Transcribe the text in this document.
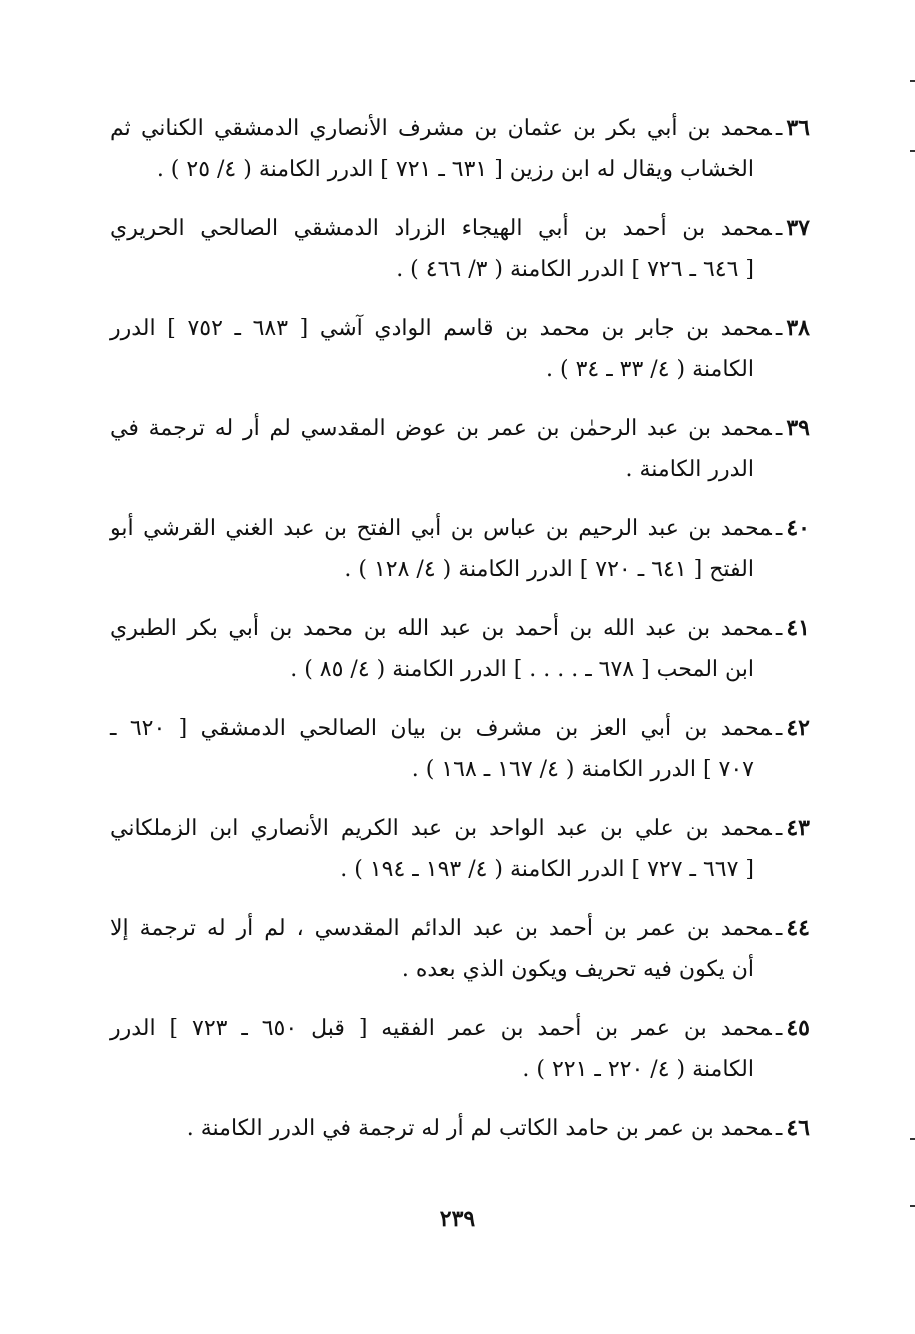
٣٦ـمحمد بن أبي بكر بن عثمان بن مشرف الأنصاري الدمشقي الكناني ثم
الخشاب ويقال له ابن رزين [ ٦٣١ ـ ٧٢١ ] الدرر الكامنة ( ٤/ ٢٥ ) .
٣٧ـمحمد بن أحمد بن أبي الهيجاء الزراد الدمشقي الصالحي الحريري
[ ٦٤٦ ـ ٧٢٦ ] الدرر الكامنة ( ٣/ ٤٦٦ ) .
٣٨ـمحمد بن جابر بن محمد بن قاسم الوادي آشي [ ٦٨٣ ـ ٧٥٢ ] الدرر
الكامنة ( ٤/ ٣٣ ـ ٣٤ ) .
٣٩ـمحمد بن عبد الرحمٰن بن عمر بن عوض المقدسي لم أر له ترجمة في
الدرر الكامنة .
٤٠ـمحمد بن عبد الرحيم بن عباس بن أبي الفتح بن عبد الغني القرشي أبو
الفتح [ ٦٤١ ـ ٧٢٠ ] الدرر الكامنة ( ٤/ ١٢٨ ) .
٤١ـمحمد بن عبد الله بن أحمد بن عبد الله بن محمد بن أبي بكر الطبري
ابن المحب [ ٦٧٨ ـ . . . . ] الدرر الكامنة ( ٤/ ٨٥ ) .
٤٢ـمحمد بن أبي العز بن مشرف بن بيان الصالحي الدمشقي [ ٦٢٠ ـ
٧٠٧ ] الدرر الكامنة ( ٤/ ١٦٧ ـ ١٦٨ ) .
٤٣ـمحمد بن علي بن عبد الواحد بن عبد الكريم الأنصاري ابن الزملكاني
[ ٦٦٧ ـ ٧٢٧ ] الدرر الكامنة ( ٤/ ١٩٣ ـ ١٩٤ ) .
٤٤ـمحمد بن عمر بن أحمد بن عبد الدائم المقدسي ، لم أر له ترجمة إلا
أن يكون فيه تحريف ويكون الذي بعده .
٤٥ـمحمد بن عمر بن أحمد بن عمر الفقيه [ قبل ٦٥٠ ـ ٧٢٣ ] الدرر
الكامنة ( ٤/ ٢٢٠ ـ ٢٢١ ) .
٤٦ـمحمد بن عمر بن حامد الكاتب لم أر له ترجمة في الدرر الكامنة .
٢٣٩
